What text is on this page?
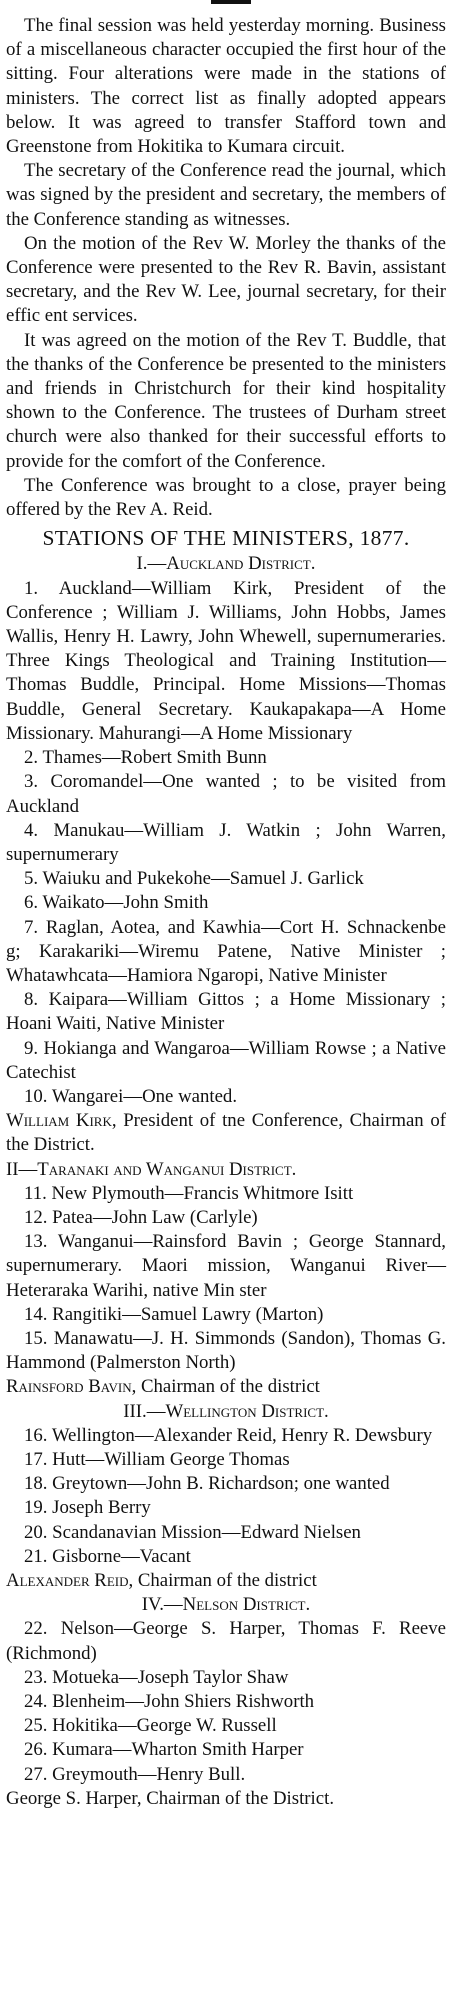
The final session was held yesterday morning. Business of a miscellaneous character occupied the first hour of the sitting. Four alterations were made in the stations of ministers. The correct list as finally adopted appears below. It was agreed to transfer Stafford town and Greenstone from Hokitika to Kumara circuit.

The secretary of the Conference read the journal, which was signed by the president and secretary, the members of the Conference standing as witnesses.

On the motion of the Rev W. Morley the thanks of the Conference were presented to the Rev R. Bavin, assistant secretary, and the Rev W. Lee, journal secretary, for their effic ent services.

It was agreed on the motion of the Rev T. Buddle, that the thanks of the Conference be presented to the ministers and friends in Christchurch for their kind hospitality shown to the Conference. The trustees of Durham street church were also thanked for their successful efforts to provide for the comfort of the Conference.

The Conference was brought to a close, prayer being offered by the Rev A. Reid.

STATIONS OF THE MINISTERS, 1877.

I.—Auckland District.

1. Auckland—William Kirk, President of the Conference ; William J. Williams, John Hobbs, James Wallis, Henry H. Lawry, John Whewell, supernumeraries. Three Kings Theological and Training Institution—Thomas Buddle, Principal. Home Missions—Thomas Buddle, General Secretary. Kaukapakapa—A Home Missionary. Mahurangi—A Home Missionary

2. Thames—Robert Smith Bunn

3. Coromandel—One wanted ; to be visited from Auckland

4. Manukau—William J. Watkin ; John Warren, supernumerary

5. Waiuku and Pukekohe—Samuel J. Garlick

6. Waikato—John Smith

7. Raglan, Aotea, and Kawhia—Cort H. Schnackenbe g; Karakariki—Wiremu Patene, Native Minister ; Whatawhcata—Hamiora Ngaropi, Native Minister

8. Kaipara—William Gittos ; a Home Missionary ; Hoani Waiti, Native Minister

9. Hokianga and Wangaroa—William Rowse ; a Native Catechist

10. Wangarei—One wanted.

William Kirk, President of tne Conference, Chairman of the District.

II—Taranaki and Wanganui District.

11. New Plymouth—Francis Whitmore Isitt

12. Patea—John Law (Carlyle)

13. Wanganui—Rainsford Bavin ; George Stannard, supernumerary. Maori mission, Wanganui River—Heteraraka Warihi, native Min ster

14. Rangitiki—Samuel Lawry (Marton)

15. Manawatu—J. H. Simmonds (Sandon), Thomas G. Hammond (Palmerston North)

Rainsford Bavin, Chairman of the district

III.—Wellington District.

16. Wellington—Alexander Reid, Henry R. Dewsbury

17. Hutt—William George Thomas

18. Greytown—John B. Richardson; one wanted

19. Joseph Berry

20. Scandanavian Mission—Edward Nielsen

21. Gisborne—Vacant

Alexander Reid, Chairman of the district

IV.—Nelson District.

22. Nelson—George S. Harper, Thomas F. Reeve (Richmond)

23. Motueka—Joseph Taylor Shaw

24. Blenheim—John Shiers Rishworth

25. Hokitika—George W. Russell

26. Kumara—Wharton Smith Harper

27. Greymouth—Henry Bull.

George S. Harper, Chairman of the District.
